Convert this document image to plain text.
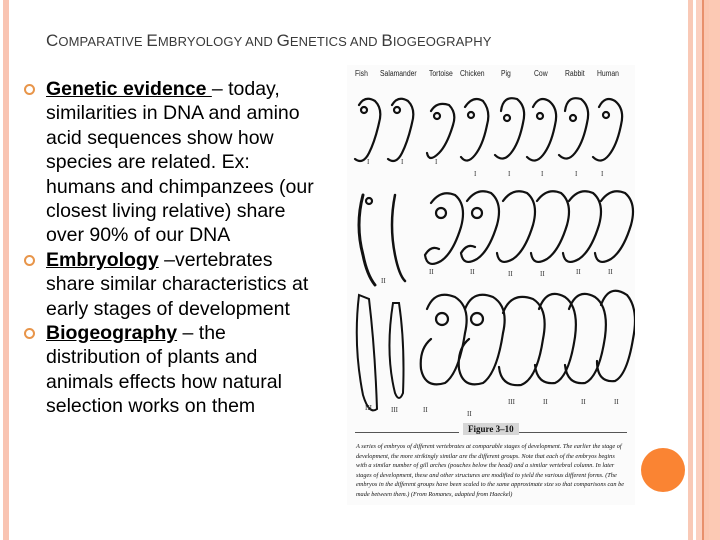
COMPARATIVE EMBRYOLOGY AND GENETICS AND BIOGEOGRAPHY
Genetic evidence – today, similarities in DNA and amino acid sequences show how species are related. Ex: humans and chimpanzees (our closest living relative) share over 90% of our DNA
Embryology –vertebrates share similar characteristics at early stages of development
Biogeography – the distribution of plants and animals effects how natural selection works on them
Fish Salamander Tortoise Chicken Pig	Cow Rabbit Human
I	I	I
I	I	I	I	I
II
II	II	II	II	II	II
III	III	II	II
III	II	II	II
Figure 3–10
A series of embryos of different vertebrates at comparable stages of development. The earlier the stage of development, the more strikingly similar are the different groups. Note that each of the embryos begins with a similar number of gill arches (pouches below the head) and a similar vertebral column. In later stages of development, these and other structures are modified to yield the various different forms. (The embryos in the different groups have been scaled to the same approximate size so that comparisons can be made between them.) (From Romanes, adapted from Haeckel)
